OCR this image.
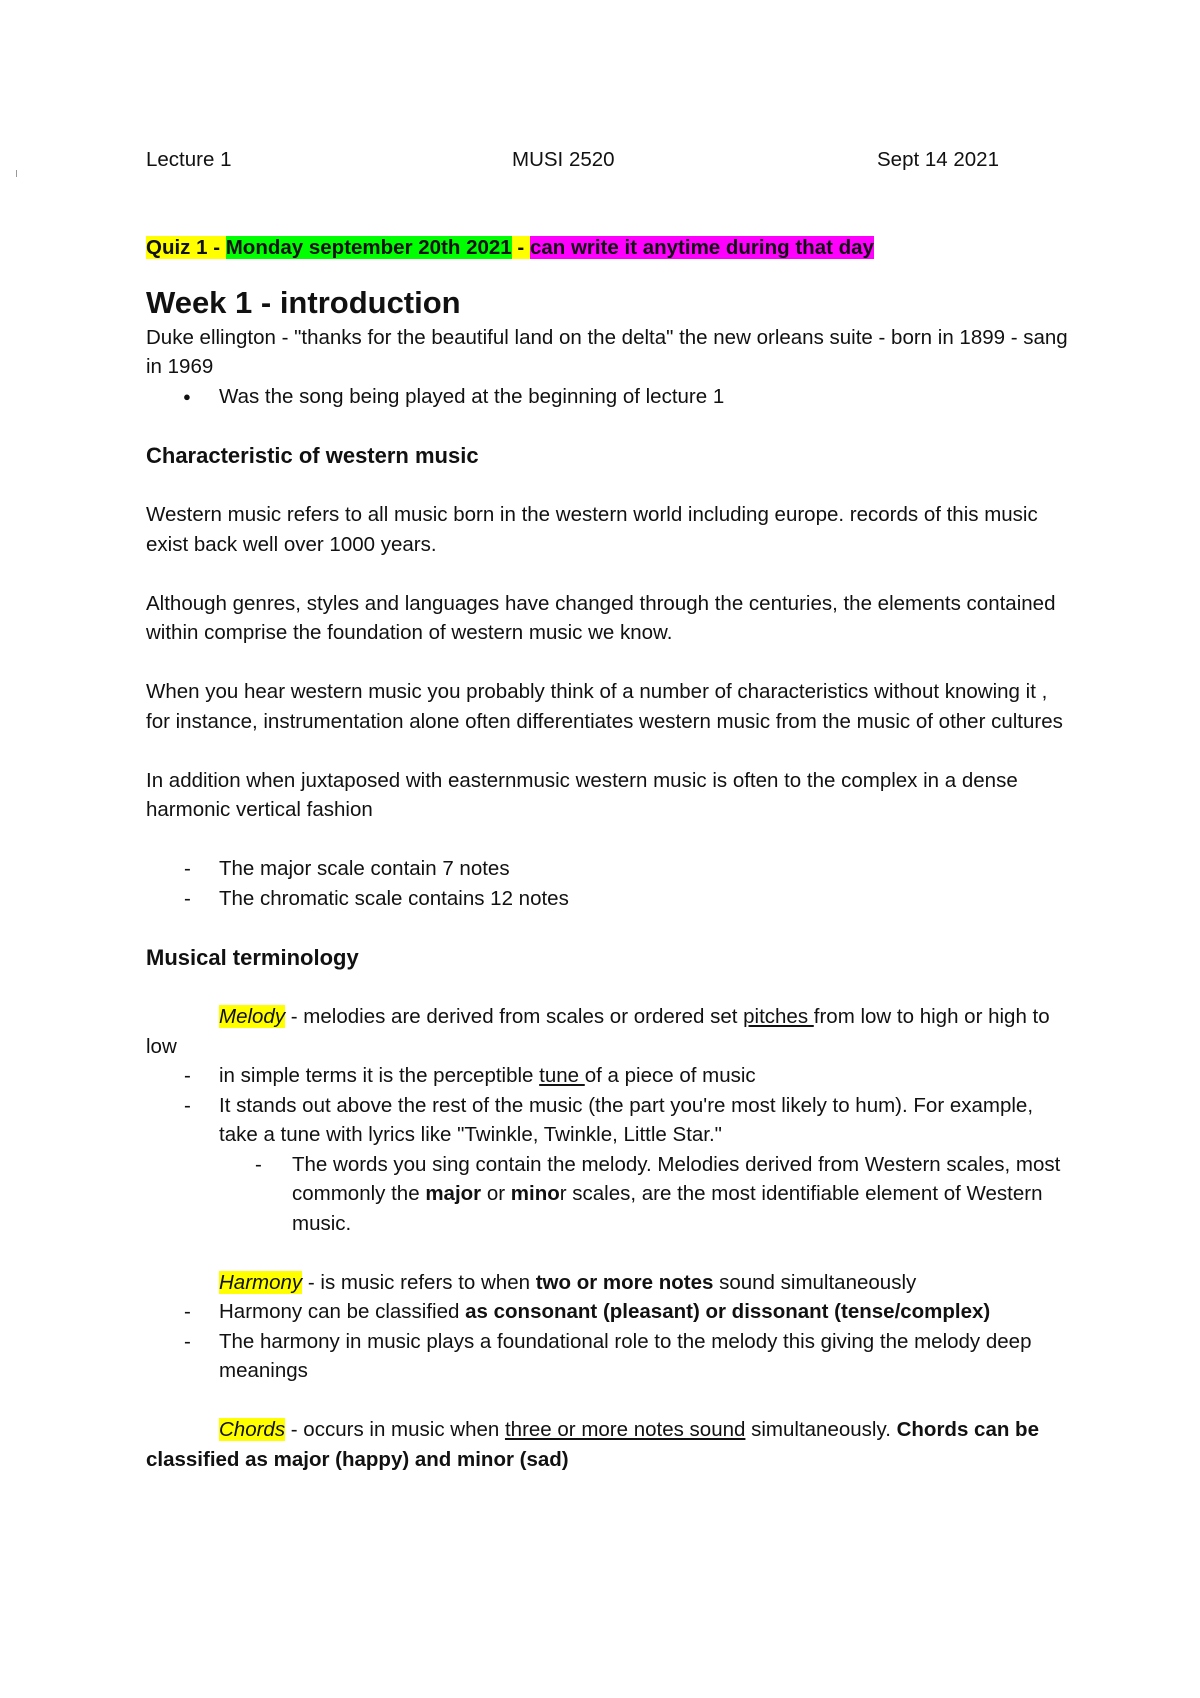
Lecture 1	MUSI 2520	Sept 14 2021

Quiz 1 - Monday september 20th 2021 - can write it anytime during that day

Week 1 - introduction

Duke ellington - "thanks for the beautiful land on the delta" the new orleans suite - born in 1899 - sang in 1969

● Was the song being played at the beginning of lecture 1
Characteristic of western music

Western music refers to all music born in the western world including europe. records of this music exist back well over 1000 years.

Although genres, styles and languages have changed through the centuries, the elements contained within comprise the foundation of western music we know.

When you hear western music you probably think of a number of characteristics without knowing it , for instance, instrumentation alone often differentiates western music from the music of other cultures

In addition when juxtaposed with easternmusic western music is often to the complex in a dense harmonic vertical fashion

- The major scale contain 7 notes
- The chromatic scale contains 12 notes
Musical terminology

Melody - melodies are derived from scales or ordered set pitches from low to high or high to low

- in simple terms it is the perceptible tune of a piece of music
- It stands out above the rest of the music (the part you're most likely to hum). For example, take a tune with lyrics like "Twinkle, Twinkle, Little Star."
- The words you sing contain the melody. Melodies derived from Western scales, most commonly the major or minor scales, are the most identifiable element of Western music.

Harmony - is music refers to when two or more notes sound simultaneously

- Harmony can be classified as consonant (pleasant) or dissonant (tense/complex)
- The harmony in music plays a foundational role to the melody this giving the melody deep meanings

Chords - occurs in music when three or more notes sound simultaneously. Chords can be classified as major (happy) and minor (sad)
